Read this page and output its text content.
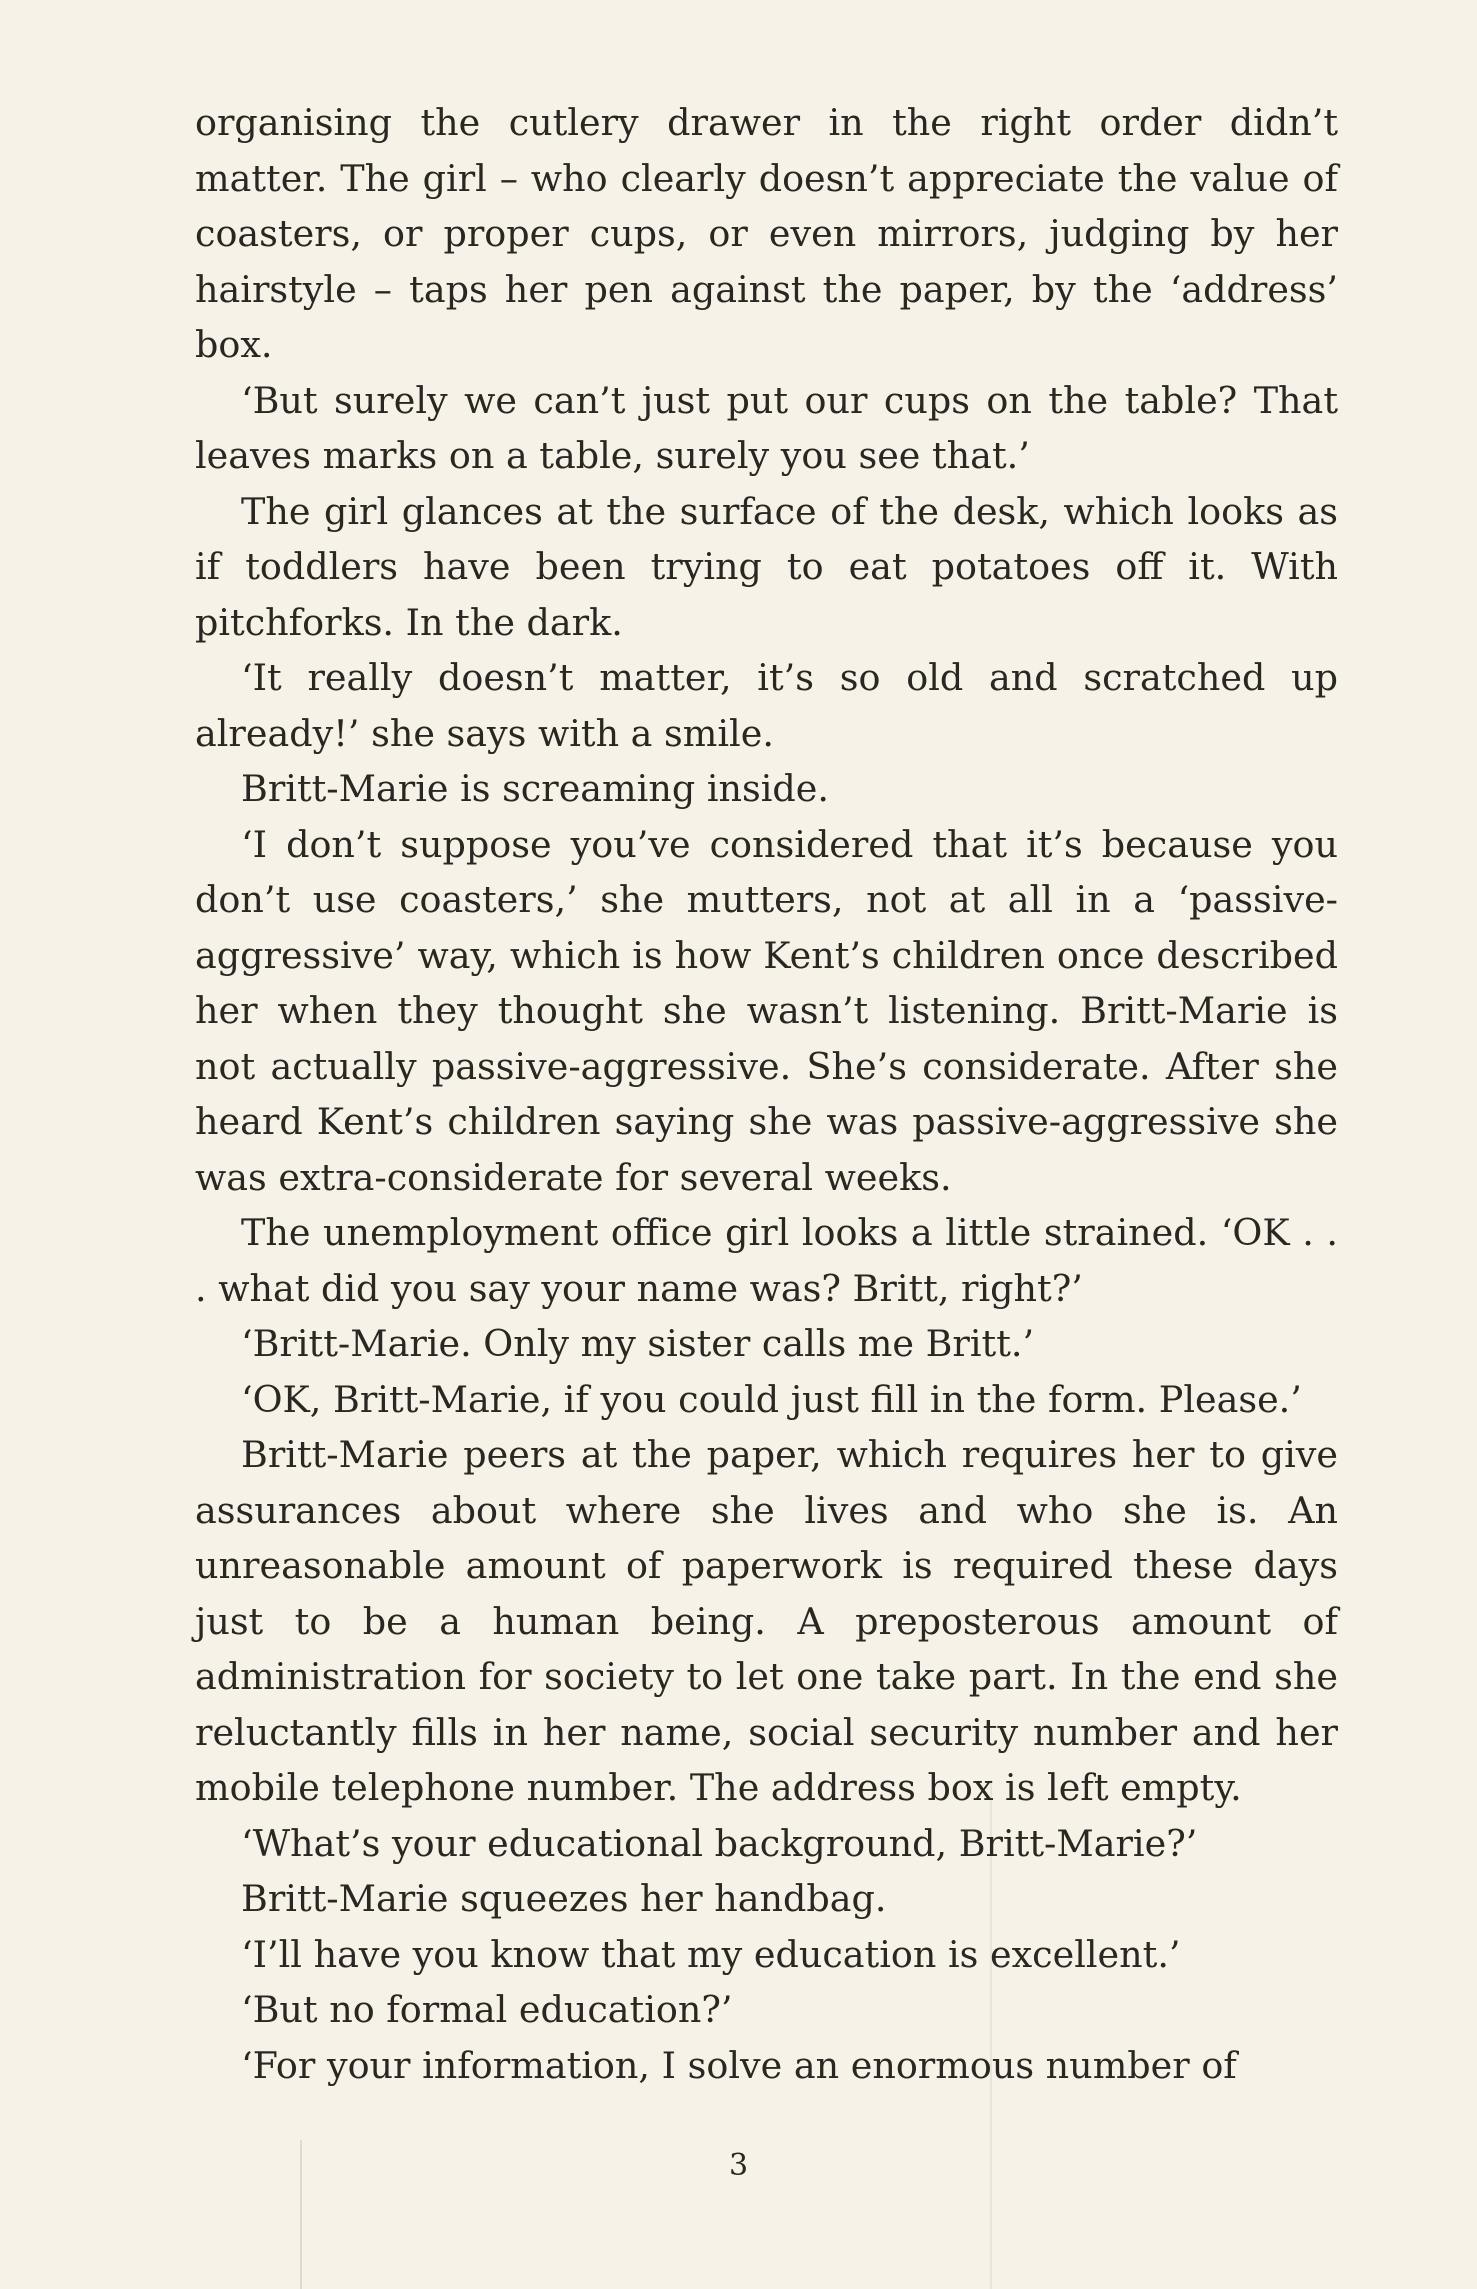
organising the cutlery drawer in the right order didn’t matter. The girl – who clearly doesn’t appreciate the value of coasters, or proper cups, or even mirrors, judging by her hairstyle – taps her pen against the paper, by the ‘address’ box.

‘But surely we can’t just put our cups on the table? That leaves marks on a table, surely you see that.’

The girl glances at the surface of the desk, which looks as if toddlers have been trying to eat potatoes off it. With pitchforks. In the dark.

‘It really doesn’t matter, it’s so old and scratched up already!’ she says with a smile.

Britt-Marie is screaming inside.

‘I don’t suppose you’ve considered that it’s because you don’t use coasters,’ she mutters, not at all in a ‘passive-aggressive’ way, which is how Kent’s children once described her when they thought she wasn’t listening. Britt-Marie is not actually passive-aggressive. She’s considerate. After she heard Kent’s children saying she was passive-aggressive she was extra-considerate for several weeks.

The unemployment office girl looks a little strained. ‘OK . . . what did you say your name was? Britt, right?’

‘Britt-Marie. Only my sister calls me Britt.’

‘OK, Britt-Marie, if you could just fill in the form. Please.’

Britt-Marie peers at the paper, which requires her to give assurances about where she lives and who she is. An unreasonable amount of paperwork is required these days just to be a human being. A preposterous amount of administration for society to let one take part. In the end she reluctantly fills in her name, social security number and her mobile telephone number. The address box is left empty.

‘What’s your educational background, Britt-Marie?’

Britt-Marie squeezes her handbag.

‘I’ll have you know that my education is excellent.’

‘But no formal education?’

‘For your information, I solve an enormous number of

3
